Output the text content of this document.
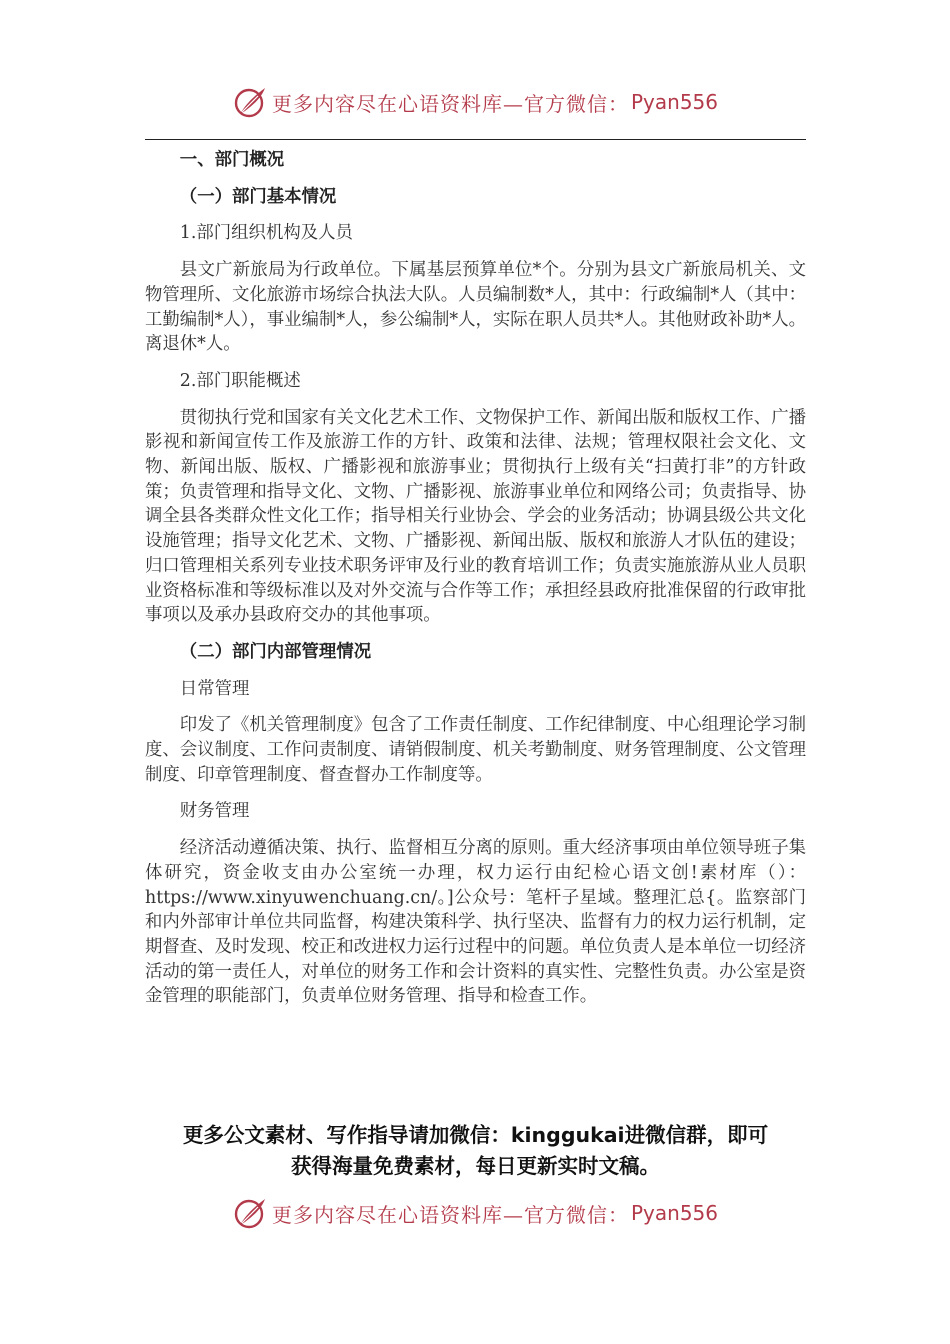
更多内容尽在心语资料库—官方微信： Pyan556

一、部门概况

（一）部门基本情况

1.部门组织机构及人员

县文广新旅局为行政单位。下属基层预算单位*个。分别为县文广新旅局机关、文物管理所、文化旅游市场综合执法大队。人员编制数*人，其中：行政编制*人（其中：工勤编制*人），事业编制*人，参公编制*人，实际在职人员共*人。其他财政补助*人。离退休*人。

2.部门职能概述

贯彻执行党和国家有关文化艺术工作、文物保护工作、新闻出版和版权工作、广播影视和新闻宣传工作及旅游工作的方针、政策和法律、法规；管理权限社会文化、文物、新闻出版、版权、广播影视和旅游事业；贯彻执行上级有关“扫黄打非”的方针政策；负责管理和指导文化、文物、广播影视、旅游事业单位和网络公司；负责指导、协调全县各类群众性文化工作；指导相关行业协会、学会的业务活动；协调县级公共文化设施管理；指导文化艺术、文物、广播影视、新闻出版、版权和旅游人才队伍的建设；归口管理相关系列专业技术职务评审及行业的教育培训工作；负责实施旅游从业人员职业资格标准和等级标准以及对外交流与合作等工作；承担经县政府批准保留的行政审批事项以及承办县政府交办的其他事项。

（二）部门内部管理情况

日常管理

印发了《机关管理制度》包含了工作责任制度、工作纪律制度、中心组理论学习制度、会议制度、工作问责制度、请销假制度、机关考勤制度、财务管理制度、公文管理制度、印章管理制度、督查督办工作制度等。

财务管理

经济活动遵循决策、执行、监督相互分离的原则。重大经济事项由单位领导班子集体研究，资金收支由办公室统一办理，权力运行由纪检心语文创!素材库（）：https://www.xinyuwenchuang.cn/。]公众号：笔杆子星域。整理汇总{。监察部门和内外部审计单位共同监督，构建决策科学、执行坚决、监督有力的权力运行机制，定期督查、及时发现、校正和改进权力运行过程中的问题。单位负责人是本单位一切经济活动的第一责任人，对单位的财务工作和会计资料的真实性、完整性负责。办公室是资金管理的职能部门，负责单位财务管理、指导和检查工作。

更多公文素材、写作指导请加微信：kinggukai进微信群，即可
获得海量免费素材，每日更新实时文稿。
更多内容尽在心语资料库—官方微信： Pyan556
